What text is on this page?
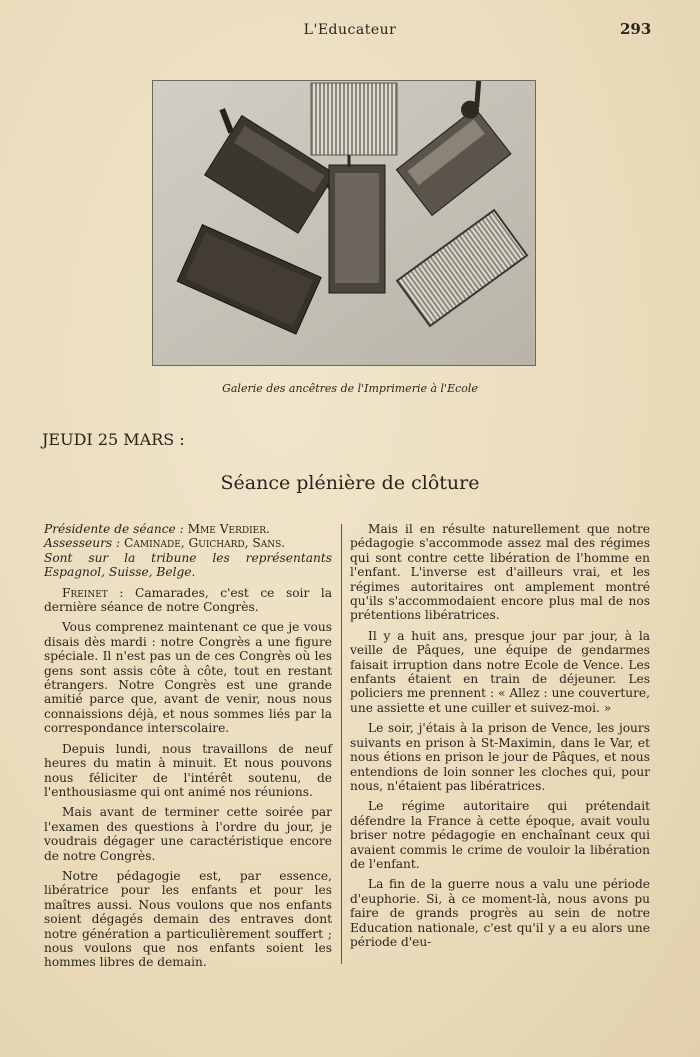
L'Educateur	293
Galerie des ancêtres de l'Imprimerie à l'Ecole
JEUDI 25 MARS :
Séance plénière de clôture

Présidente de séance : Mme Verdier.

Assesseurs : Caminade, Guichard, Sans.

Sont sur la tribune les représentants Espagnol, Suisse, Belge.

Freinet : Camarades, c'est ce soir la dernière séance de notre Congrès.

Vous comprenez maintenant ce que je vous disais dès mardi : notre Congrès a une figure spéciale. Il n'est pas un de ces Congrès où les gens sont assis côte à côte, tout en restant étrangers. Notre Congrès est une grande amitié parce que, avant de venir, nous nous connaissions déjà, et nous sommes liés par la correspondance interscolaire.

Depuis lundi, nous travaillons de neuf heures du matin à minuit. Et nous pouvons nous féliciter de l'intérêt soutenu, de l'enthousiasme qui ont animé nos réunions.

Mais avant de terminer cette soirée par l'examen des questions à l'ordre du jour, je voudrais dégager une caractéristique encore de notre Congrès.

Notre pédagogie est, par essence, libératrice pour les enfants et pour les maîtres aussi. Nous voulons que nos enfants soient dégagés demain des entraves dont notre génération a particulièrement souffert ; nous voulons que nos enfants soient les hommes libres de demain.

Mais il en résulte naturellement que notre pédagogie s'accommode assez mal des régimes qui sont contre cette libération de l'homme en l'enfant. L'inverse est d'ailleurs vrai, et les régimes autoritaires ont amplement montré qu'ils s'accommodaient encore plus mal de nos prétentions libératrices.

Il y a huit ans, presque jour par jour, à la veille de Pâques, une équipe de gendarmes faisait irruption dans notre Ecole de Vence. Les enfants étaient en train de déjeuner. Les policiers me prennent : « Allez : une couverture, une assiette et une cuiller et suivez-moi. »

Le soir, j'étais à la prison de Vence, les jours suivants en prison à St-Maximin, dans le Var, et nous étions en prison le jour de Pâques, et nous entendions de loin sonner les cloches qui, pour nous, n'étaient pas libératrices.

Le régime autoritaire qui prétendait défendre la France à cette époque, avait voulu briser notre pédagogie en enchaînant ceux qui avaient commis le crime de vouloir la libération de l'enfant.

La fin de la guerre nous a valu une période d'euphorie. Si, à ce moment-là, nous avons pu faire de grands progrès au sein de notre Education nationale, c'est qu'il y a eu alors une période d'eu-
